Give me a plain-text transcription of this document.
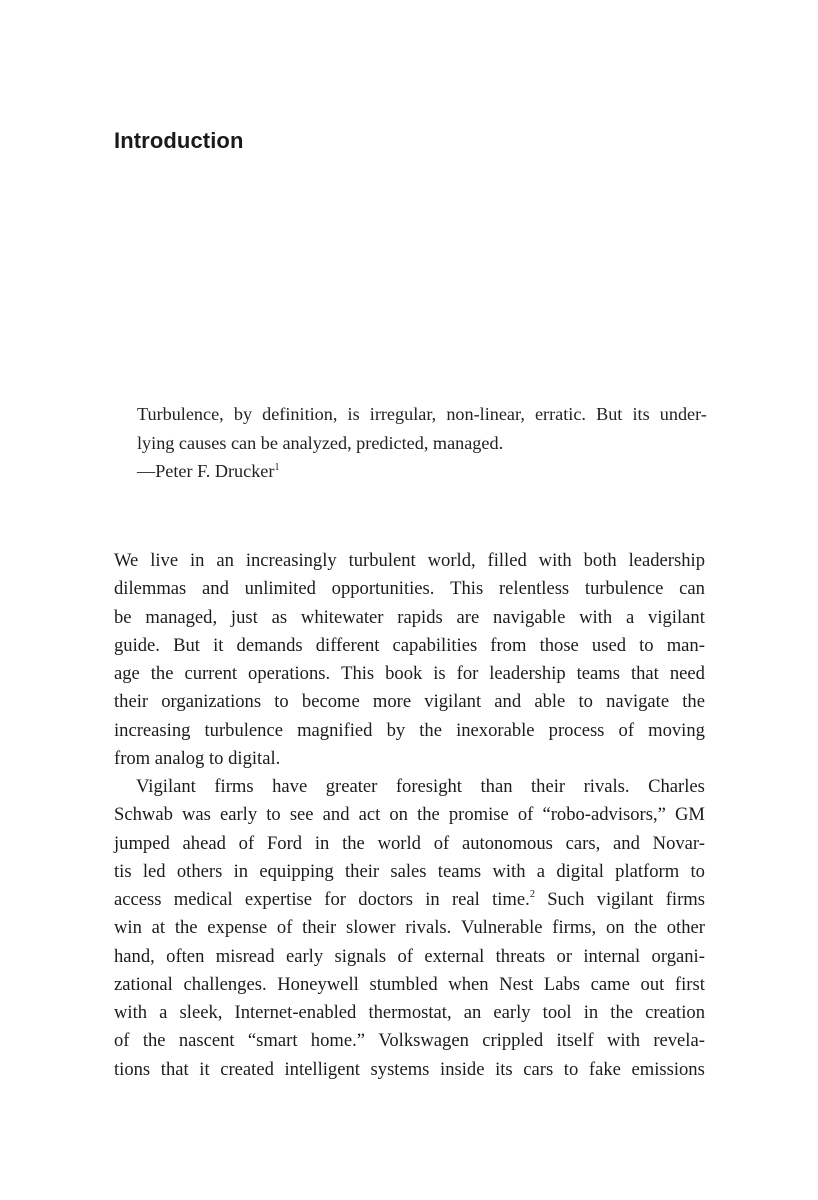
Introduction
Turbulence, by definition, is irregular, non-linear, erratic. But its under-
lying causes can be analyzed, predicted, managed.
—Peter F. Drucker$^1$
We live in an increasingly turbulent world, filled with both leadership
dilemmas and unlimited opportunities. This relentless turbulence can
be managed, just as whitewater rapids are navigable with a vigilant
guide. But it demands different capabilities from those used to man-
age the current operations. This book is for leadership teams that need
their organizations to become more vigilant and able to navigate the
increasing turbulence magnified by the inexorable process of moving
from analog to digital.
Vigilant firms have greater foresight than their rivals. Charles
Schwab was early to see and act on the promise of “robo-advisors,” GM
jumped ahead of Ford in the world of autonomous cars, and Novar-
tis led others in equipping their sales teams with a digital platform to
access medical expertise for doctors in real time.$^2$ Such vigilant firms
win at the expense of their slower rivals. Vulnerable firms, on the other
hand, often misread early signals of external threats or internal organi-
zational challenges. Honeywell stumbled when Nest Labs came out first
with a sleek, Internet-enabled thermostat, an early tool in the creation
of the nascent “smart home.” Volkswagen crippled itself with revela-
tions that it created intelligent systems inside its cars to fake emissions
